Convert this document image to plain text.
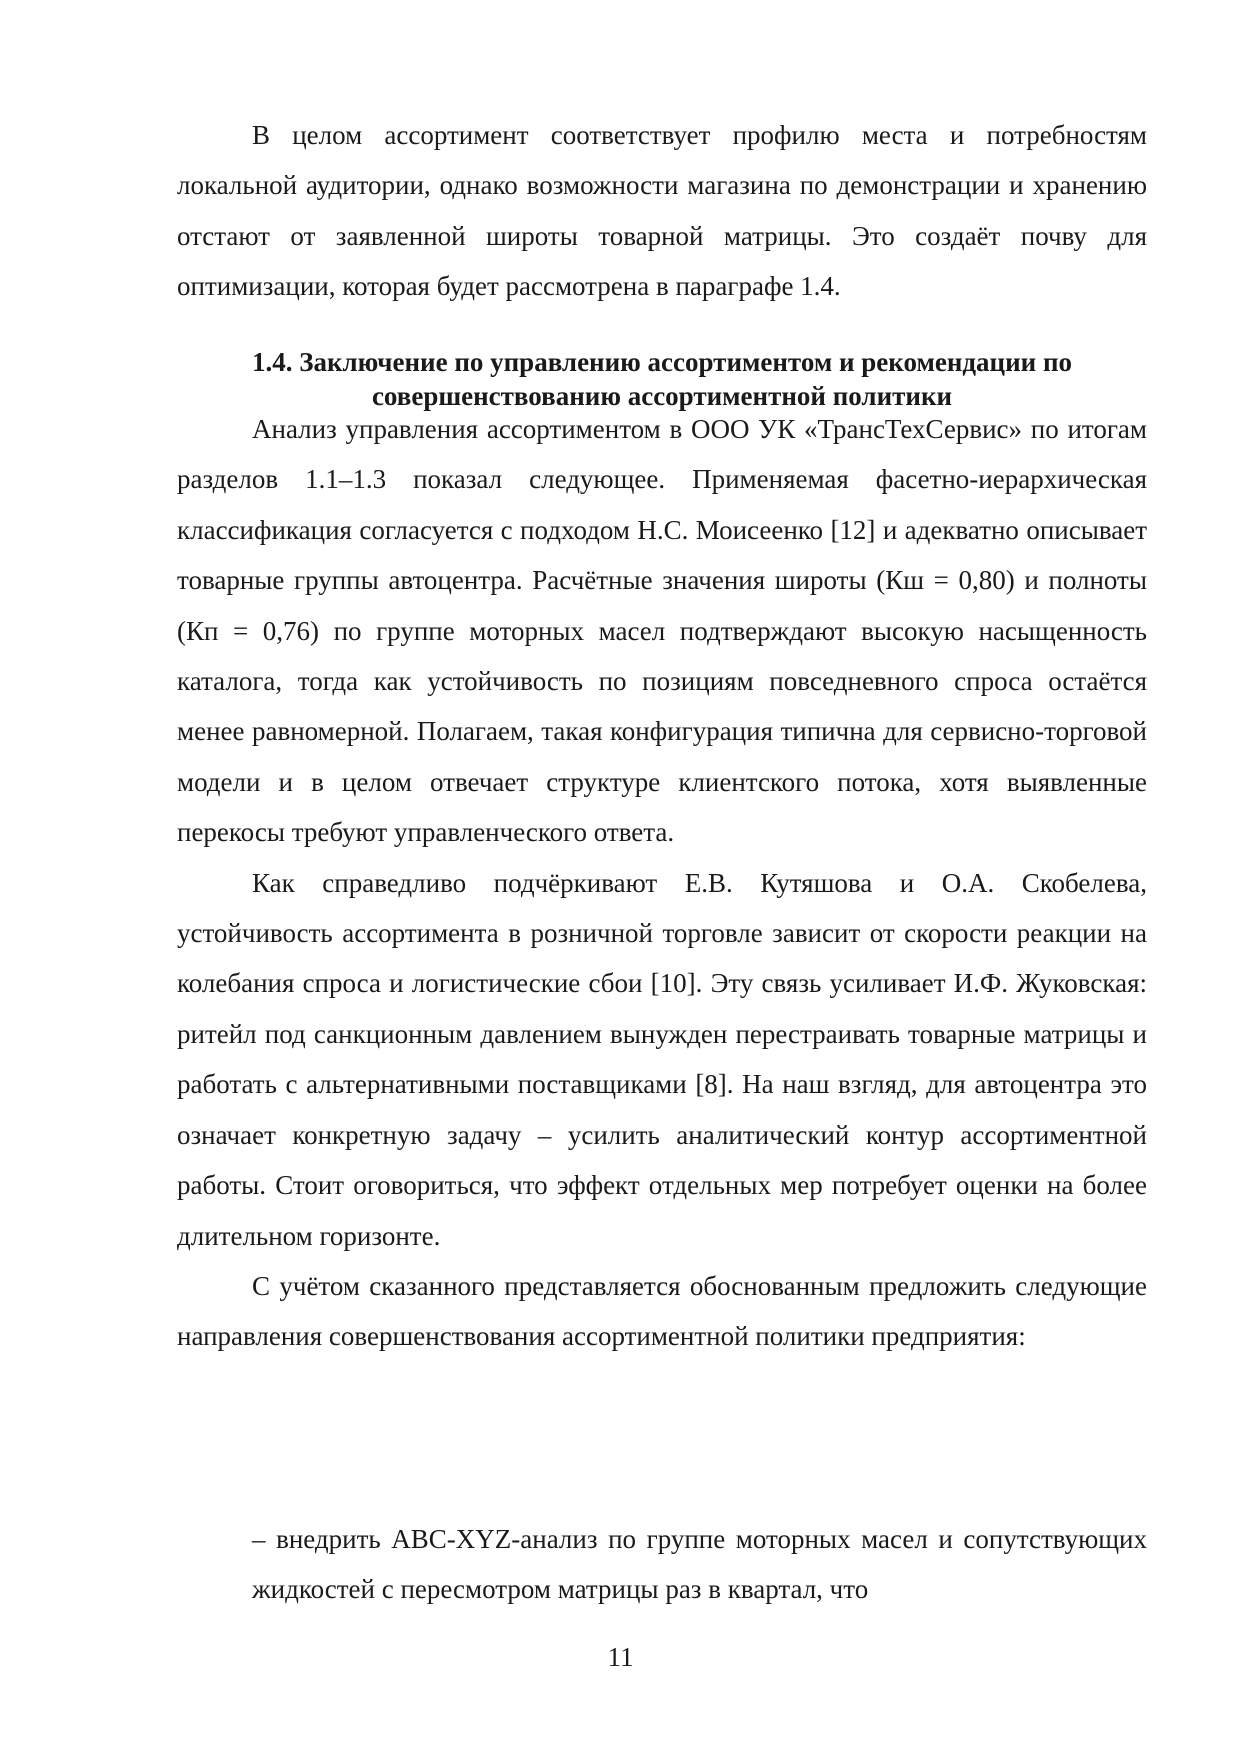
В целом ассортимент соответствует профилю места и потребностям локальной аудитории, однако возможности магазина по демонстрации и хранению отстают от заявленной широты товарной матрицы. Это создаёт почву для оптимизации, которая будет рассмотрена в параграфе 1.4.

1.4. Заключение по управлению ассортиментом и рекомендации по совершенствованию ассортиментной политики

Анализ управления ассортиментом в ООО УК «ТрансТехСервис» по итогам разделов 1.1–1.3 показал следующее. Применяемая фасетно-иерархическая классификация согласуется с подходом Н.С. Моисеенко [12] и адекватно описывает товарные группы автоцентра. Расчётные значения широты (Кш = 0,80) и полноты (Кп = 0,76) по группе моторных масел подтверждают высокую насыщенность каталога, тогда как устойчивость по позициям повседневного спроса остаётся менее равномерной. Полагаем, такая конфигурация типична для сервисно-торговой модели и в целом отвечает структуре клиентского потока, хотя выявленные перекосы требуют управленческого ответа.

Как справедливо подчёркивают Е.В. Кутяшова и О.А. Скобелева, устойчивость ассортимента в розничной торговле зависит от скорости реакции на колебания спроса и логистические сбои [10]. Эту связь усиливает И.Ф. Жуковская: ритейл под санкционным давлением вынужден перестраивать товарные матрицы и работать с альтернативными поставщиками [8]. На наш взгляд, для автоцентра это означает конкретную задачу – усилить аналитический контур ассортиментной работы. Стоит оговориться, что эффект отдельных мер потребует оценки на более длительном горизонте.

С учётом сказанного представляется обоснованным предложить следующие направления совершенствования ассортиментной политики предприятия:

– внедрить ABC-XYZ-анализ по группе моторных масел и сопутствующих жидкостей с пересмотром матрицы раз в квартал, что

11
